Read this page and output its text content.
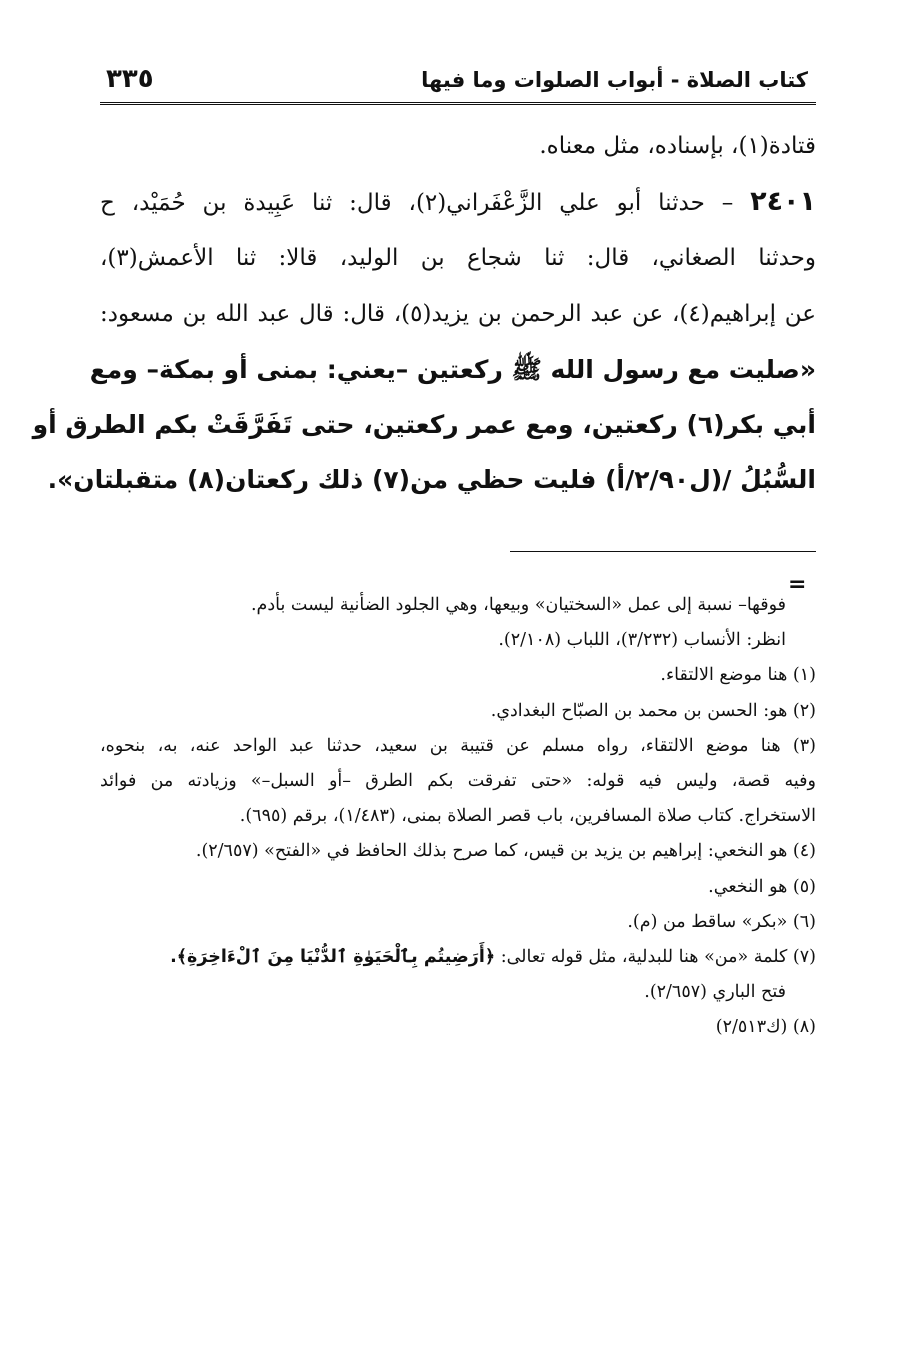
كتاب الصلاة - أبواب الصلوات وما فيها
٣٣٥
قتادة(١)، بإسناده، مثل معناه.
٢٤٠١ – حدثنا أبو علي الزَّعْفَراني(٢)، قال: ثنا عَبِيدة بن حُمَيْد، ح
وحدثنا الصغاني، قال: ثنا شجاع بن الوليد، قالا: ثنا الأعمش(٣)،
عن إبراهيم(٤)، عن عبد الرحمن بن يزيد(٥)، قال: قال عبد الله بن مسعود:
«صليت مع رسول الله ﷺ ركعتين –يعني: بمنى أو بمكة– ومع
أبي بكر(٦) ركعتين، ومع عمر ركعتين، حتى تَفَرَّقَتْ بكم الطرق أو
السُّبُلُ /(ل٢/٩٠/أ) فليت حظي من(٧) ذلك ركعتان(٨) متقبلتان».
=
فوقها– نسبة إلى عمل «السختيان» وبيعها، وهي الجلود الضأنية ليست بأدم.
انظر: الأنساب (٣/٢٣٢)، اللباب (٢/١٠٨).
(١) هنا موضع الالتقاء.
(٢) هو: الحسن بن محمد بن الصبّاح البغدادي.
(٣) هنا موضع الالتقاء، رواه مسلم عن قتيبة بن سعيد، حدثنا عبد الواحد عنه، به، بنحوه،
وفيه قصة، وليس فيه قوله: «حتى تفرقت بكم الطرق –أو السبل–» وزيادته من فوائد
الاستخراج. كتاب صلاة المسافرين، باب قصر الصلاة بمنى، (١/٤٨٣)، برقم (٦٩٥).
(٤) هو النخعي: إبراهيم بن يزيد بن قيس، كما صرح بذلك الحافظ في «الفتح» (٢/٦٥٧).
(٥) هو النخعي.
(٦) «بكر» ساقط من (م).
(٧) كلمة «من» هنا للبدلية، مثل قوله تعالى: ﴿أَرَضِيتُم بِٱلْحَيَوٰةِ ٱلدُّنْيَا مِنَ ٱلْءَاخِرَةِ﴾.
فتح الباري (٢/٦٥٧).
(٨) (ك٢/٥١٣)
